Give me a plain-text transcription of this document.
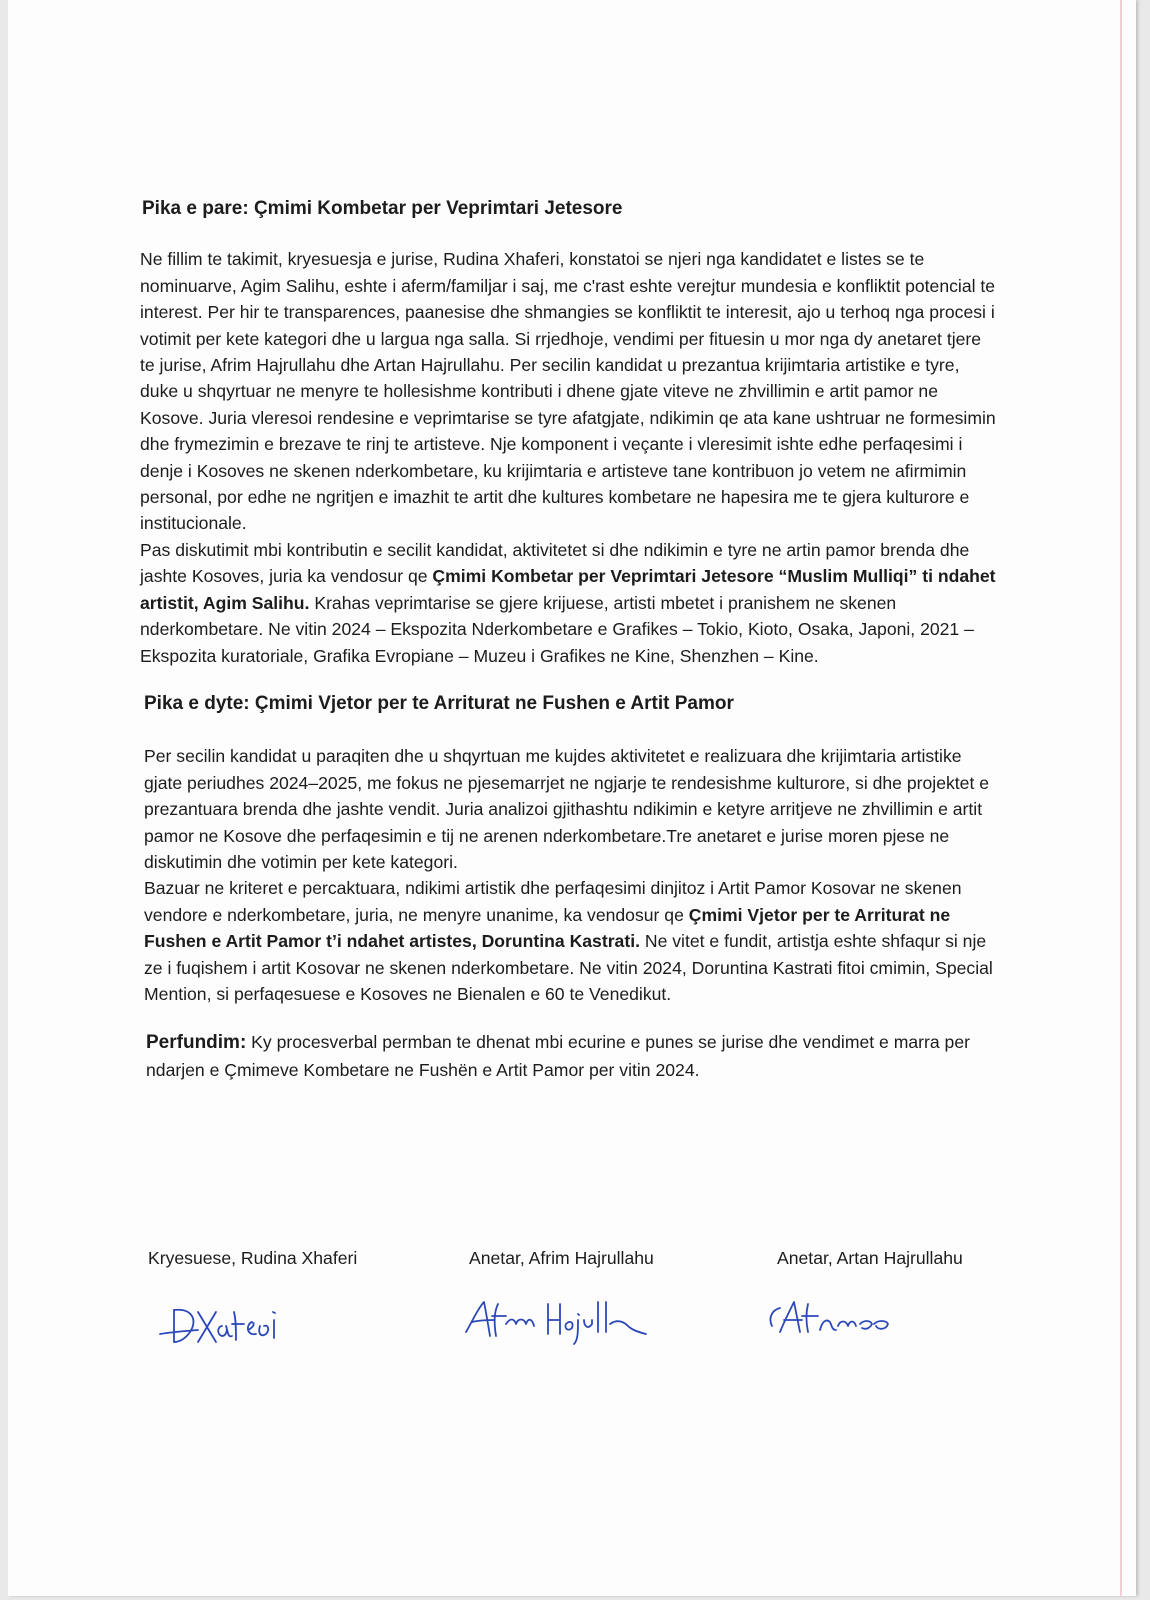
Pika e pare: Çmimi Kombetar per Veprimtari Jetesore

Ne fillim te takimit, kryesuesja e jurise, Rudina Xhaferi, konstatoi se njeri nga kandidatet e listes se te nominuarve, Agim Salihu, eshte i aferm/familjar i saj, me c'rast eshte verejtur mundesia e konfliktit potencial te interest. Per hir te transparences, paanesise dhe shmangies se konfliktit te interesit, ajo u terhoq nga procesi i votimit per kete kategori dhe u largua nga salla. Si rrjedhoje, vendimi per fituesin u mor nga dy anetaret tjere te jurise, Afrim Hajrullahu dhe Artan Hajrullahu. Per secilin kandidat u prezantua krijimtaria artistike e tyre, duke u shqyrtuar ne menyre te hollesishme kontributi i dhene gjate viteve ne zhvillimin e artit pamor ne Kosove. Juria vleresoi rendesine e veprimtarise se tyre afatgjate, ndikimin qe ata kane ushtruar ne formesimin dhe frymezimin e brezave te rinj te artisteve. Nje komponent i veçante i vleresimit ishte edhe perfaqesimi i denje i Kosoves ne skenen nderkombetare, ku krijimtaria e artisteve tane kontribuon jo vetem ne afirmimin personal, por edhe ne ngritjen e imazhit te artit dhe kultures kombetare ne hapesira me te gjera kulturore e institucionale.

Pas diskutimit mbi kontributin e secilit kandidat, aktivitetet si dhe ndikimin e tyre ne artin pamor brenda dhe jashte Kosoves, juria ka vendosur qe Çmimi Kombetar per Veprimtari Jetesore “Muslim Mulliqi” ti ndahet artistit, Agim Salihu. Krahas veprimtarise se gjere krijuese, artisti mbetet i pranishem ne skenen nderkombetare. Ne vitin 2024 – Ekspozita Nderkombetare e Grafikes – Tokio, Kioto, Osaka, Japoni, 2021 – Ekspozita kuratoriale, Grafika Evropiane – Muzeu i Grafikes ne Kine, Shenzhen – Kine.

Pika e dyte: Çmimi Vjetor per te Arriturat ne Fushen e Artit Pamor

Per secilin kandidat u paraqiten dhe u shqyrtuan me kujdes aktivitetet e realizuara dhe krijimtaria artistike gjate periudhes 2024–2025, me fokus ne pjesemarrjet ne ngjarje te rendesishme kulturore, si dhe projektet e prezantuara brenda dhe jashte vendit. Juria analizoi gjithashtu ndikimin e ketyre arritjeve ne zhvillimin e artit pamor ne Kosove dhe perfaqesimin e tij ne arenen nderkombetare.Tre anetaret e jurise moren pjese ne diskutimin dhe votimin per kete kategori.

Bazuar ne kriteret e percaktuara, ndikimi artistik dhe perfaqesimi dinjitoz i Artit Pamor Kosovar ne skenen vendore e nderkombetare, juria, ne menyre unanime, ka vendosur qe Çmimi Vjetor per te Arriturat ne Fushen e Artit Pamor t’i ndahet artistes, Doruntina Kastrati. Ne vitet e fundit, artistja eshte shfaqur si nje ze i fuqishem i artit Kosovar ne skenen nderkombetare. Ne vitin 2024, Doruntina Kastrati fitoi cmimin, Special Mention, si perfaqesuese e Kosoves ne Bienalen e 60 te Venedikut.

Perfundim: Ky procesverbal permban te dhenat mbi ecurine e punes se jurise dhe vendimet e marra per ndarjen e Çmimeve Kombetare ne Fushën e Artit Pamor per vitin 2024.

Kryesuese, Rudina Xhaferi	Anetar, Afrim Hajrullahu	Anetar, Artan Hajrullahu
